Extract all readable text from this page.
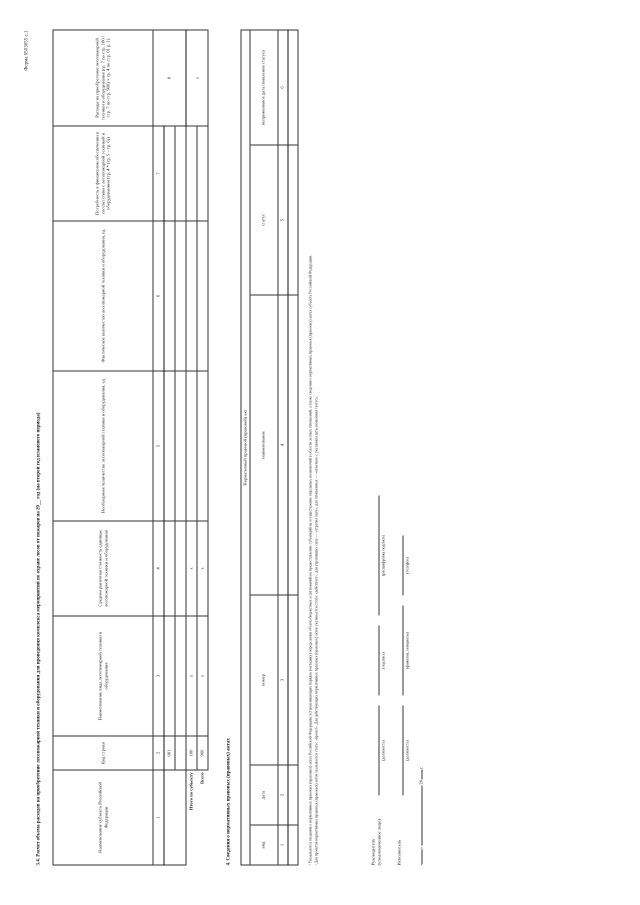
Форма 0503055 с.1
3.4. Расчет объема расходов на приобретение лесопожарной техники и оборудования для проведения комплекса мероприятий по охране лесов от пожаров на 20__ год (на второй год планового периода)	Наименование субъекта Российской Федерации	Код строки	Наименование вида лесопожарной техники и оборудования	Средняя рыночная стоимость единицы лесопожарной техники и оборудования	Необходимое количество лесопожарной техники и оборудования, ед	Фактическое количество лесопожарной техники и оборудования, ед	Потребность в финансовом обеспечении в соответствии с лесопожарной техникой и оборудованием (гр. 4 * (гр. 5 – гр. 6))	Расходы на приобретение лесопожарной техники и оборудования (гр. 7 по стр. 100 / стр. 7 по стр. 900) × гр. 4 по стр. 01 р. 1)
1	2	3	4	5	6	7	8
	001						

Итого по субъекту	100	x	x				x
Всего	900	x	x				
4. Сведения о нормативных правовых (правовых) актах
Нормативный правовой (правовой) акт					
вид	дата	номер	наименование	статус	неприменимое дата появления статуса
1	2	3	4	5	6

¹ Указываются сведения о нормативных правовых (правовых) актах Российской Федерации, устанавливающих порядок (методику) определения объема бюджетных ассигнований на предоставление субвенций на осуществление отдельных полномочий в области лесных отношений, а также сведения о нормативных правовых (правовых) актах субъекта Российской Федерации. ² Для проектов нормативных правовых (правовых) актов указывается статус «проект». Для действующих нормативных правовых (правовых) актов указывается статус «действует», для утративших силу — «утратил силу», для отмененных — «отменен» с указанием даты появления статуса.	Руководитель (уполномоченное лицо)
(должность)
(подпись)
(расшифровка подписи)
Исполнитель
(должность)
(фамилия, инициалы)
(телефон)
«»  20 г.
